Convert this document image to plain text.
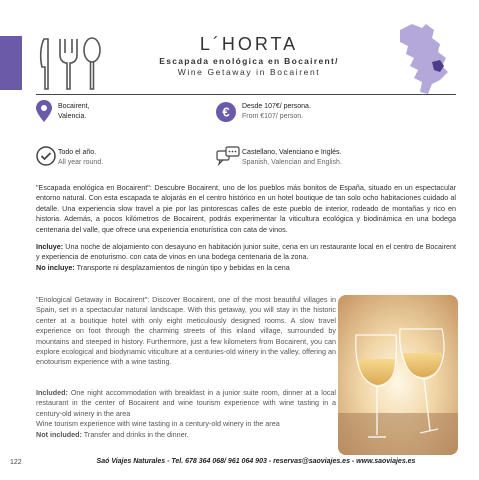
L´HORTA
Escapada enológica en Bocairent/
Wine Getaway in Bocairent
Bocairent,
Valencia.	€ Desde 107€/ persona.
From €107/ person.
Todo el año.
All year round.
Castellano, Valenciano e Inglés.
Spanish, Valencian and English.
"Escapada enológica en Bocairent": Descubre Bocairent, uno de los pueblos más bonitos de España, situado en un espectacular entorno natural. Con esta escapada te alojarás en el centro histórico en un hotel boutique de tan solo ocho habitaciones cuidado al detalle. Una experiencia slow travel a pie por las pintorescas calles de este pueblo de interior, rodeado de montañas y rico en historia. Además, a pocos kilómetros de Bocairent, podrás experimentar la viticultura ecológica y biodinámica en una bodega centenaria del valle, que ofrece una experiencia enoturística con cata de vinos.
Incluye: Una noche de alojamiento con desayuno en habitación junior suite, cena en un restaurante local en el centro de Bocairent y experiencia de enoturismo. con cata de vinos en una bodega centenaria de la zona.
No incluye: Transporte ni desplazamientos de ningún tipo y bebidas en la cena
"Enological Getaway in Bocairent": Discover Bocairent, one of the most beautiful villages in Spain, set in a spectacular natural landscape. With this getaway, you will stay in the historic center at a boutique hotel with only eight meticulously designed rooms. A slow travel experience on foot through the charming streets of this inland village, surrounded by mountains and steeped in history. Furthermore, just a few kilometers from Bocairent, you can explore ecological and biodynamic viticulture at a centuries-old winery in the valley, offering an enotourism experience with a wine tasting.
Included: One night accommodation with breakfast in a junior suite room, dinner at a local restaurant in the center of Bocairent and wine tourism experience with wine tasting in a century-old winery in the area
Wine tourism experience with wine tasting in a century-old winery in the area
Not included: Transfer and drinks in the dinner.
122	Saó Viajes Naturales - Tel. 678 364 068/ 961 064 903 - reservas@saoviajes.es - www.saoviajes.es
